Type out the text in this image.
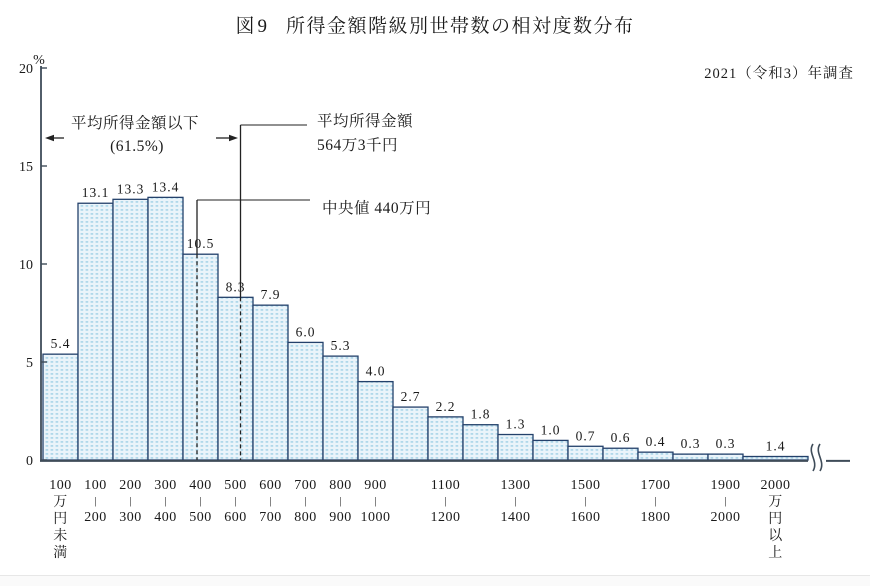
図9 所得金額階級別世帯数の相対度数分布
2021（令和3）年調査
5.4
13.1 13.3 13.4
10.5
8.3
7.9
6.0
5.3
4.0
2.7
2.2
1.8
1.3 1.0 0.7 0.6 0.4 0.3 0.3 1.4
中央値 440万円
平均所得金額
564万3千円
平均所得金額以下
(61.5%)
0
5
10
15
20
%
100
万
円
未
満
100
|
200
200
|
300
300
|
400
400
|
500
500
|
600
600
|
700
700
|
800
800
|
900
900
|
1000
1100
|
1200
1300
|
1400
1500
|
1600
1700
|
1800
1900
|
2000
2000
万
円
以
上
